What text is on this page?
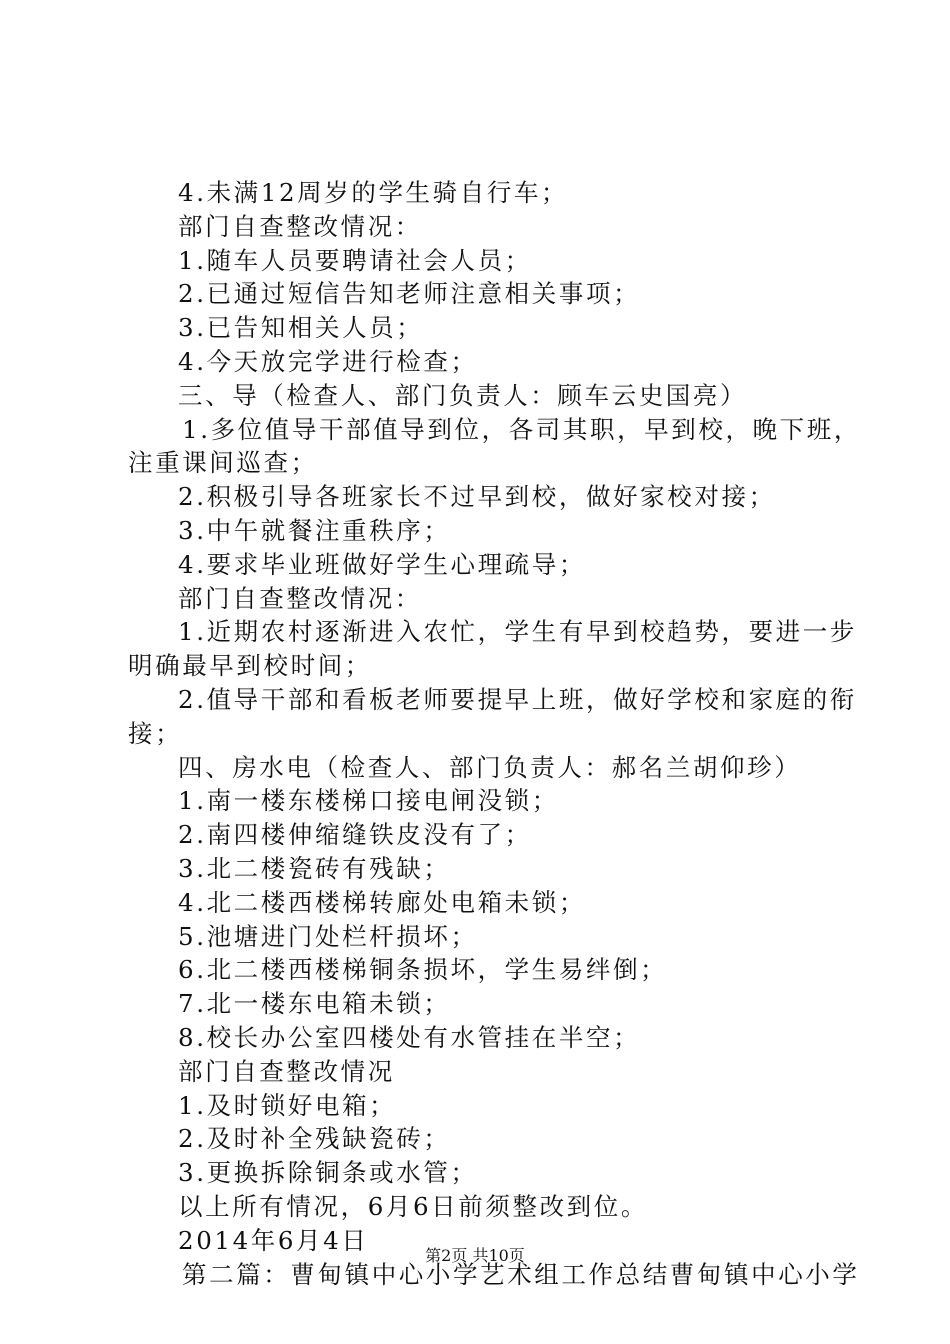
4.未满12周岁的学生骑自行车；
部门自查整改情况：
1.随车人员要聘请社会人员；
2.已通过短信告知老师注意相关事项；
3.已告知相关人员；
4.今天放完学进行检查；
三、导（检查人、部门负责人：顾车云史国亮）
1.多位值导干部值导到位，各司其职，早到校，晚下班，
注重课间巡查；
2.积极引导各班家长不过早到校，做好家校对接；
3.中午就餐注重秩序；
4.要求毕业班做好学生心理疏导；
部门自查整改情况：
1.近期农村逐渐进入农忙，学生有早到校趋势，要进一步
明确最早到校时间；
2.值导干部和看板老师要提早上班，做好学校和家庭的衔
接；
四、房水电（检查人、部门负责人：郝名兰胡仰珍）
1.南一楼东楼梯口接电闸没锁；
2.南四楼伸缩缝铁皮没有了；
3.北二楼瓷砖有残缺；
4.北二楼西楼梯转廊处电箱未锁；
5.池塘进门处栏杆损坏；
6.北二楼西楼梯铜条损坏，学生易绊倒；
7.北一楼东电箱未锁；
8.校长办公室四楼处有水管挂在半空；
部门自查整改情况
1.及时锁好电箱；
2.及时补全残缺瓷砖；
3.更换拆除铜条或水管；
以上所有情况，6月6日前须整改到位。
2014年6月4日
第二篇：曹甸镇中心小学艺术组工作总结曹甸镇中心小学
第2页 共10页
